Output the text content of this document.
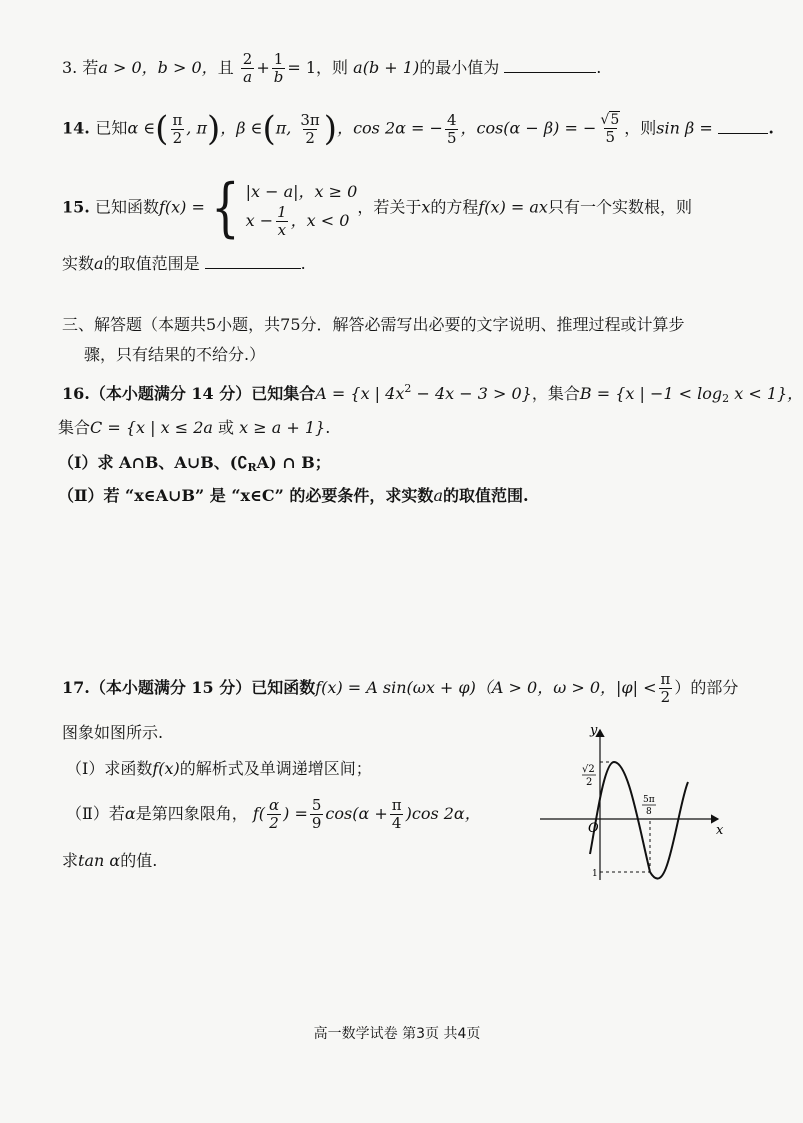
3. 若a > 0，b > 0，且 $\frac{2}{a} + \frac{1}{b} = 1$，则 a(b + 1)的最小值为	.
14. 已知α ∈( $\frac{\pi}{2}$ , π)，β ∈(π, $\frac{3\pi}{2}$ )，cos 2α = − $\frac{4}{5}$ ，cos(α − β) = − $\frac{√5}{5}$ ，则sin β =	.
15. 已知函数f(x) ={ |x − a|，x ≥ 0
$x - \frac{1}{x}$ ，x < 0
，若关于x的方程f(x) = ax只有一个实数根，则
实数a的取值范围是	.
三、解答题（本题共5小题，共75分．解答必需写出必要的文字说明、推理过程或计算步
骤，只有结果的不给分.）
16.（本小题满分 14 分）已知集合A = {x | $4x^2 - 4x - 3 > 0$}，集合B = {x | $-1 < \log_2 x < 1$}，
集合C = {x | x ≤ 2a 或 x ≥ a + 1}.
（Ⅰ）求 A∩B、A∪B、$(∁_RA)$ ∩ B；
（Ⅱ）若 “x∈A∪B” 是 “x∈C” 的必要条件，求实数a的取值范围.
17.（本小题满分 15 分）已知函数f(x) = A sin(ωx + φ)（A > 0，ω > 0，$|\varphi| < \frac{\pi}{2}$ ）的部分
图象如图所示.
（Ⅰ）求函数f(x)的解析式及单调递增区间；
（Ⅱ）若α是第四象限角， $f( \frac{\alpha}{2}$ ) = $\frac{5}{9} \cos(\alpha + \frac{\pi}{4} )\cos$ 2α，
求tan α的值.
y
x
O
√2
2
5π
8
1
高一数学试卷 第3页 共4页
